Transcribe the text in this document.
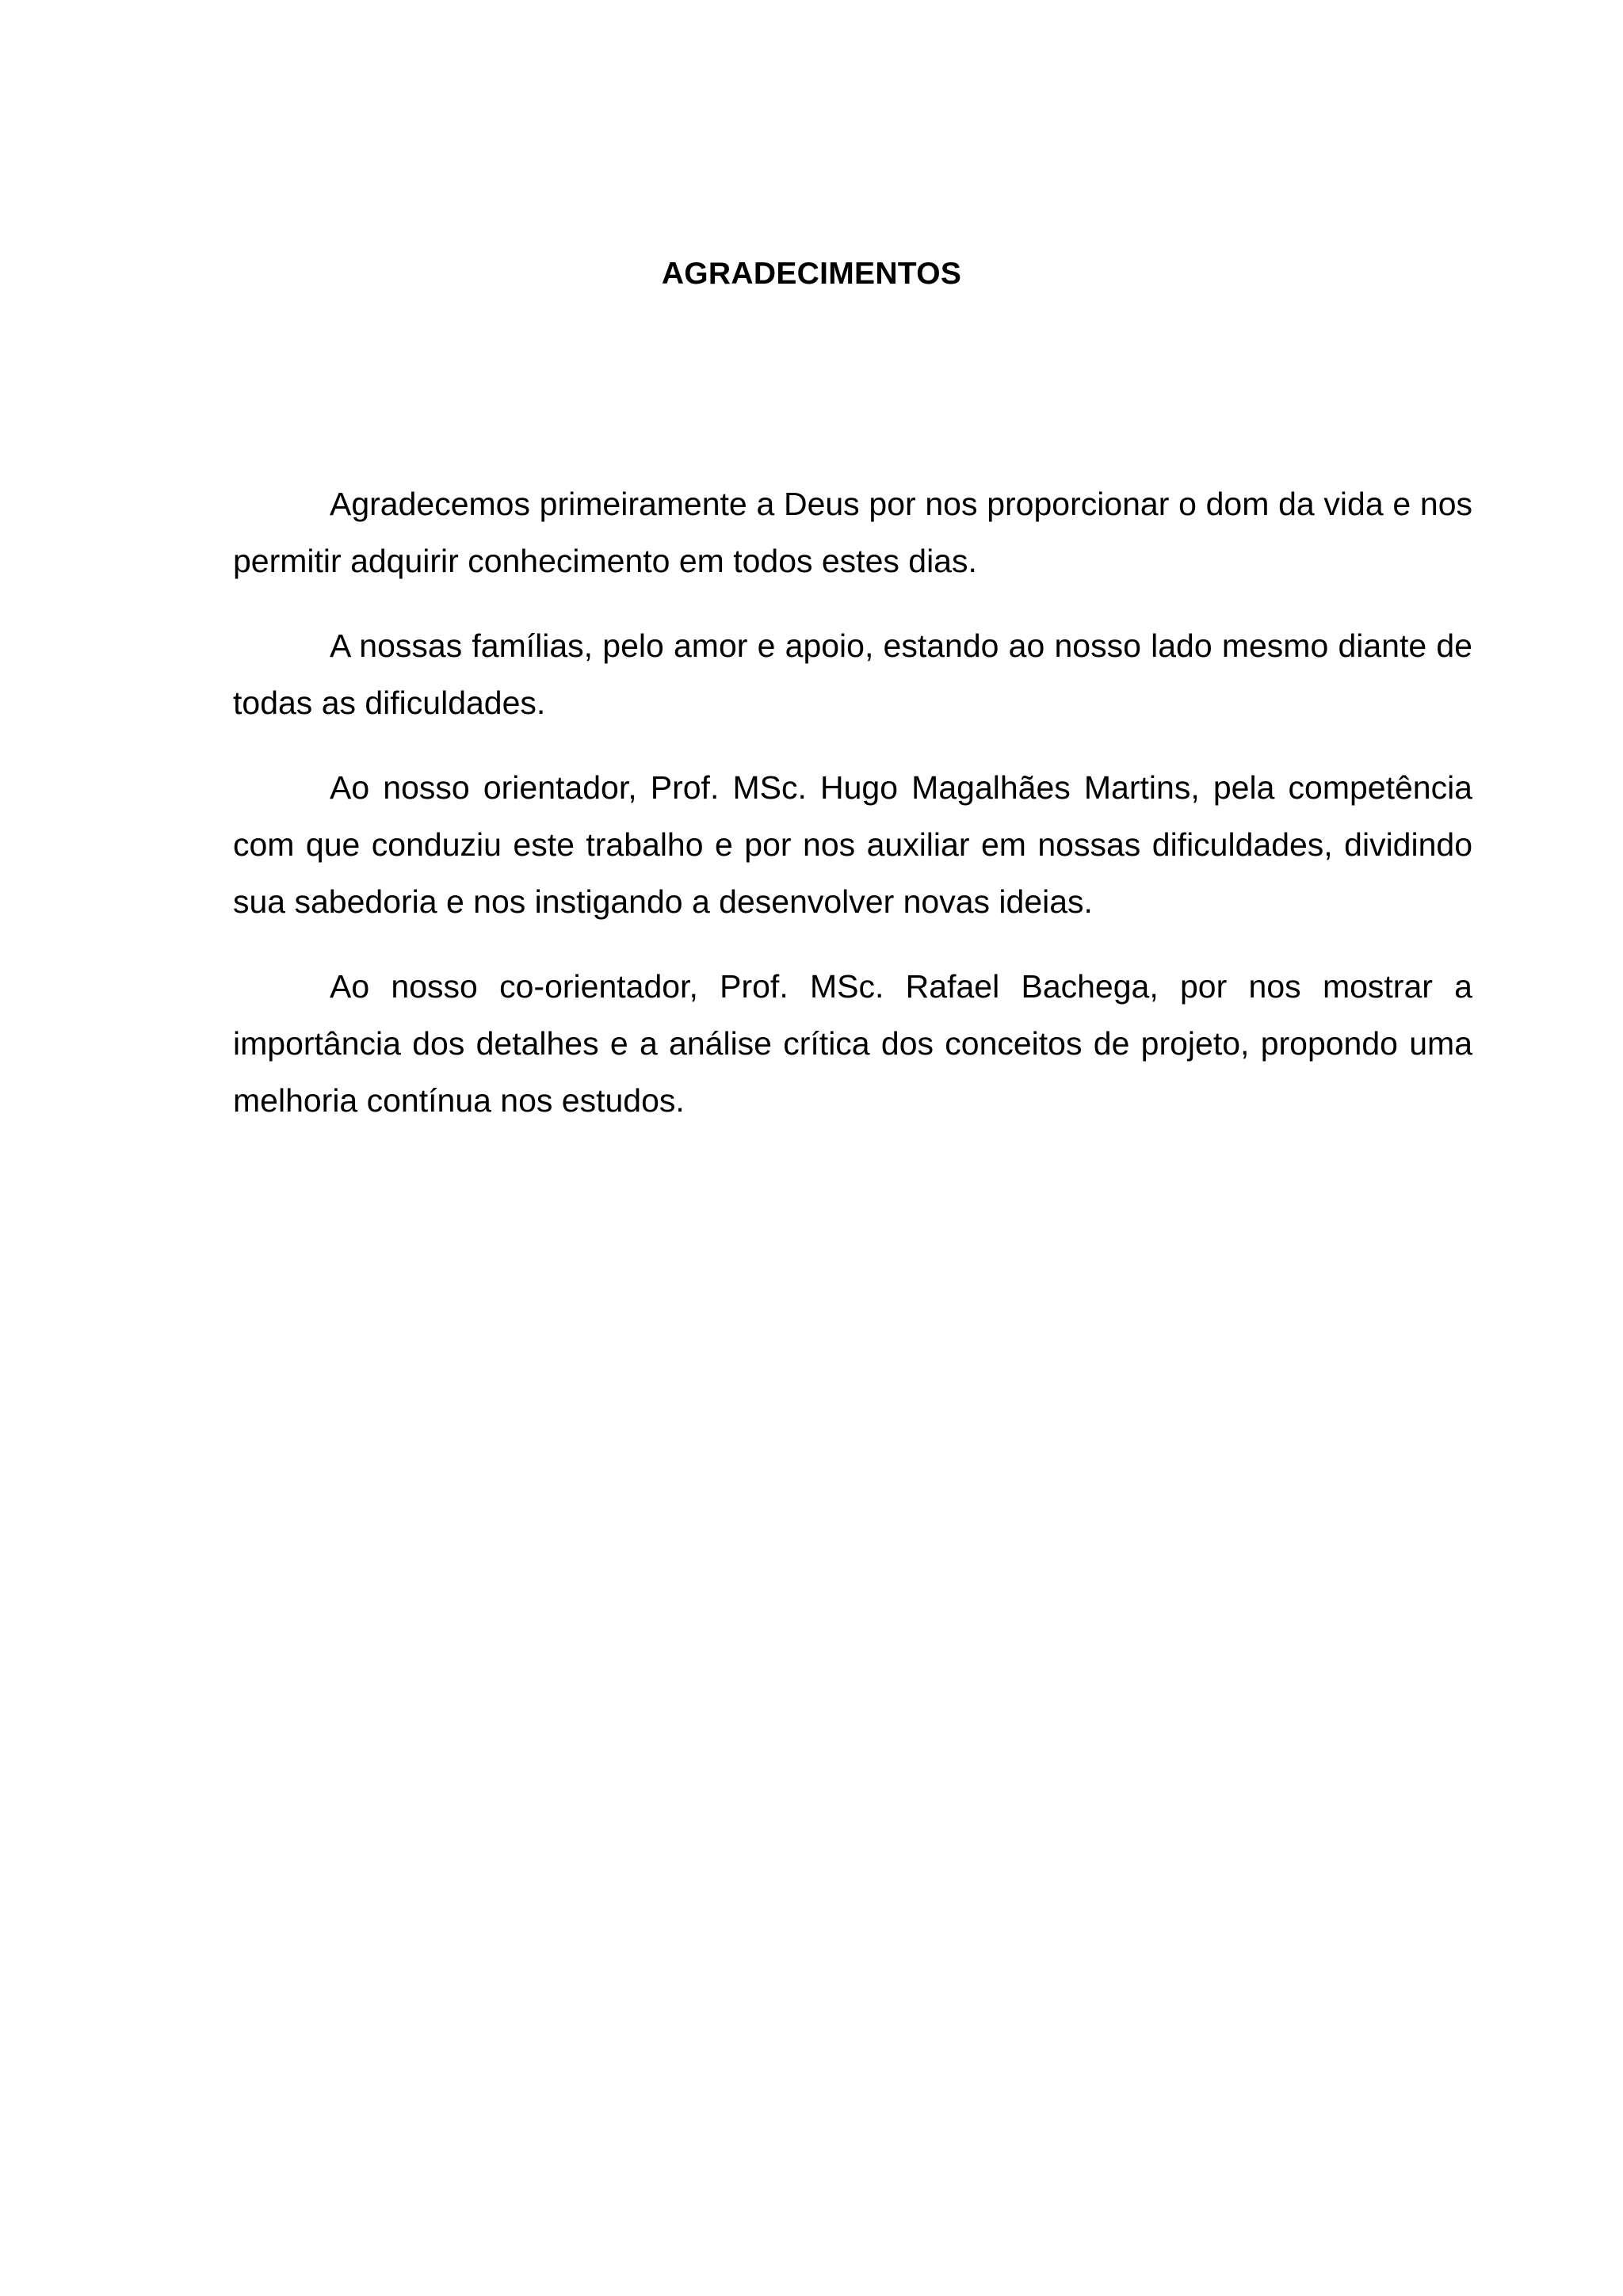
AGRADECIMENTOS

Agradecemos primeiramente a Deus por nos proporcionar o dom da vida e nos permitir adquirir conhecimento em todos estes dias.

A nossas famílias, pelo amor e apoio, estando ao nosso lado mesmo diante de todas as dificuldades.

Ao nosso orientador, Prof. MSc. Hugo Magalhães Martins, pela competência com que conduziu este trabalho e por nos auxiliar em nossas dificuldades, dividindo sua sabedoria e nos instigando a desenvolver novas ideias.

Ao nosso co-orientador, Prof. MSc. Rafael Bachega, por nos mostrar a importância dos detalhes e a análise crítica dos conceitos de projeto, propondo uma melhoria contínua nos estudos.
